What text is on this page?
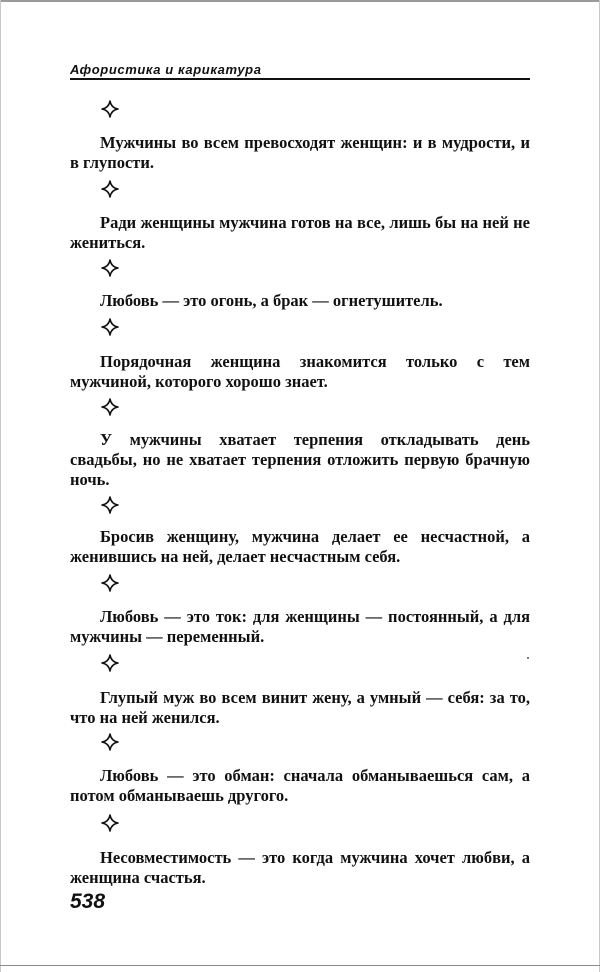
Афористика и карикатура

Мужчины во всем превосходят женщин: и в мудрости, и в глупости.

Ради женщины мужчина готов на все, лишь бы на ней не жениться.

Любовь — это огонь, а брак — огнетушитель.

Порядочная женщина знакомится только с тем мужчиной, которого хорошо знает.

У мужчины хватает терпения откладывать день свадьбы, но не хватает терпения отложить первую брачную ночь.

Бросив женщину, мужчина делает ее несчастной, а женившись на ней, делает несчастным себя.

Любовь — это ток: для женщины — постоянный, а для мужчины — переменный.

Глупый муж во всем винит жену, а умный — себя: за то, что на ней женился.

Любовь — это обман: сначала обманываешься сам, а потом обманываешь другого.

Несовместимость — это когда мужчина хочет любви, а женщина счастья.

538
